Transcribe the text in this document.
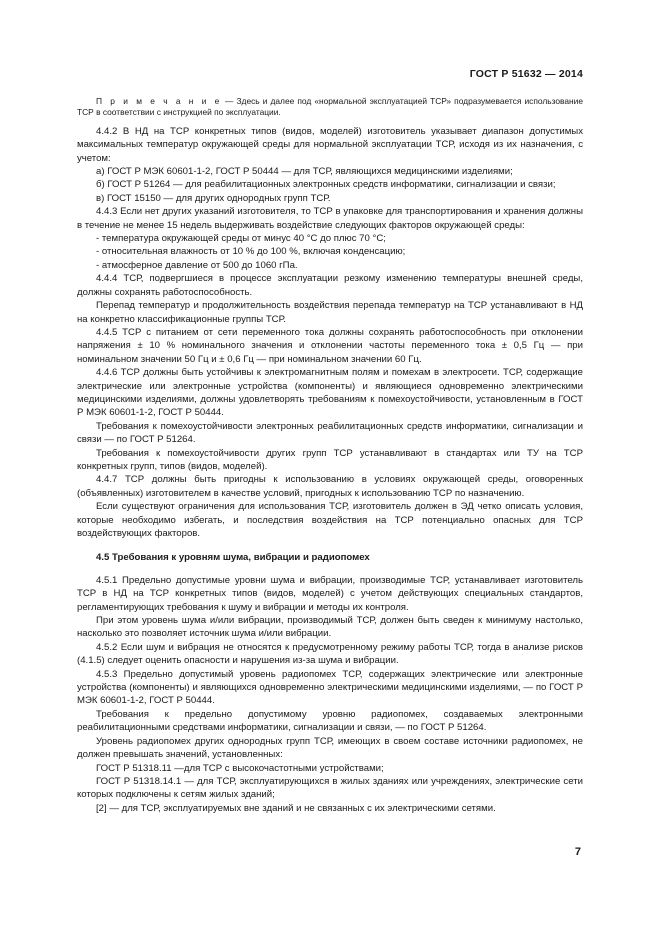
ГОСТ Р 51632 — 2014

П р и м е ч а н и е — Здесь и далее под «нормальной эксплуатацией ТСР» подразумевается использование ТСР в соответствии с инструкцией по эксплуатации.

4.4.2 В НД на ТСР конкретных типов (видов, моделей) изготовитель указывает диапазон допустимых максимальных температур окружающей среды для нормальной эксплуатации ТСР, исходя из их назначения, с учетом:

а) ГОСТ Р МЭК 60601-1-2, ГОСТ Р 50444 — для ТСР, являющихся медицинскими изделиями;

б) ГОСТ Р 51264 — для реабилитационных электронных средств информатики, сигнализации и связи;

в) ГОСТ 15150 — для других однородных групп ТСР.

4.4.3 Если нет других указаний изготовителя, то ТСР в упаковке для транспортирования и хранения должны в течение не менее 15 недель выдерживать воздействие следующих факторов окружающей среды:

- температура окружающей среды от минус 40 °С до плюс 70 °С;

- относительная влажность от 10 % до 100 %, включая конденсацию;

- атмосферное давление от 500 до 1060 гПа.

4.4.4 ТСР, подвергшиеся в процессе эксплуатации резкому изменению температуры внешней среды, должны сохранять работоспособность.

Перепад температур и продолжительность воздействия перепада температур на ТСР устанавливают в НД на конкретно классификационные группы ТСР.

4.4.5 ТСР с питанием от сети переменного тока должны сохранять работоспособность при отклонении напряжения ± 10 % номинального значения и отклонении частоты переменного тока ± 0,5 Гц — при номинальном значении 50 Гц и ± 0,6 Гц — при номинальном значении 60 Гц.

4.4.6 ТСР должны быть устойчивы к электромагнитным полям и помехам в электросети. ТСР, содержащие электрические или электронные устройства (компоненты) и являющиеся одновременно электрическими медицинскими изделиями, должны удовлетворять требованиям к помехоустойчивости, установленным в ГОСТ Р МЭК 60601-1-2, ГОСТ Р 50444.

Требования к помехоустойчивости электронных реабилитационных средств информатики, сигнализации и связи — по ГОСТ Р 51264.

Требования к помехоустойчивости других групп ТСР устанавливают в стандартах или ТУ на ТСР конкретных групп, типов (видов, моделей).

4.4.7 ТСР должны быть пригодны к использованию в условиях окружающей среды, оговоренных (объявленных) изготовителем в качестве условий, пригодных к использованию ТСР по назначению.

Если существуют ограничения для использования ТСР, изготовитель должен в ЭД четко описать условия, которые необходимо избегать, и последствия воздействия на ТСР потенциально опасных для ТСР воздействующих факторов.

4.5 Требования к уровням шума, вибрации и радиопомех

4.5.1 Предельно допустимые уровни шума и вибрации, производимые ТСР, устанавливает изготовитель ТСР в НД на ТСР конкретных типов (видов, моделей) с учетом действующих специальных стандартов, регламентирующих требования к шуму и вибрации и методы их контроля.

При этом уровень шума и/или вибрации, производимый ТСР, должен быть сведен к минимуму настолько, насколько это позволяет источник шума и/или вибрации.

4.5.2 Если шум и вибрация не относятся к предусмотренному режиму работы ТСР, тогда в анализе рисков (4.1.5) следует оценить опасности и нарушения из-за шума и вибрации.

4.5.3 Предельно допустимый уровень радиопомех ТСР, содержащих электрические или электронные устройства (компоненты) и являющихся одновременно электрическими медицинскими изделиями, — по ГОСТ Р МЭК 60601-1-2, ГОСТ Р 50444.

Требования к предельно допустимому уровню радиопомех, создаваемых электронными реабилитационными средствами информатики, сигнализации и связи, — по ГОСТ Р 51264.

Уровень радиопомех других однородных групп ТСР, имеющих в своем составе источники радиопомех, не должен превышать значений, установленных:

ГОСТ Р 51318.11 —для ТСР с высокочастотными устройствами;

ГОСТ Р 51318.14.1 — для ТСР, эксплуатирующихся в жилых зданиях или учреждениях, электрические сети которых подключены к сетям жилых зданий;

[2] — для ТСР, эксплуатируемых вне зданий и не связанных с их электрическими сетями.

7
